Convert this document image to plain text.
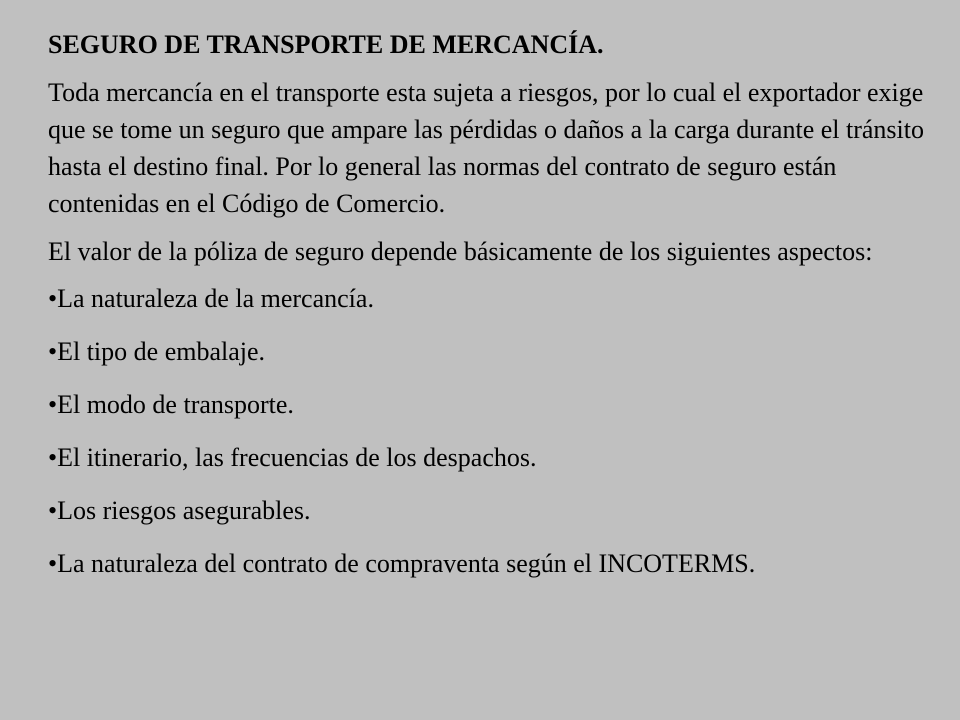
SEGURO DE TRANSPORTE DE MERCANCÍA.

Toda mercancía en el transporte esta sujeta a riesgos, por lo cual el exportador exige que se tome un seguro que ampare las pérdidas o daños a la carga durante el tránsito hasta el destino final. Por lo general las normas del contrato de seguro están contenidas en el Código de Comercio.

El valor de la póliza de seguro depende básicamente de los siguientes aspectos:

•La naturaleza de la mercancía.
•El tipo de embalaje.
•El modo de transporte.
•El itinerario, las frecuencias de los despachos.
•Los riesgos asegurables.
•La naturaleza del contrato de compraventa según el INCOTERMS.
